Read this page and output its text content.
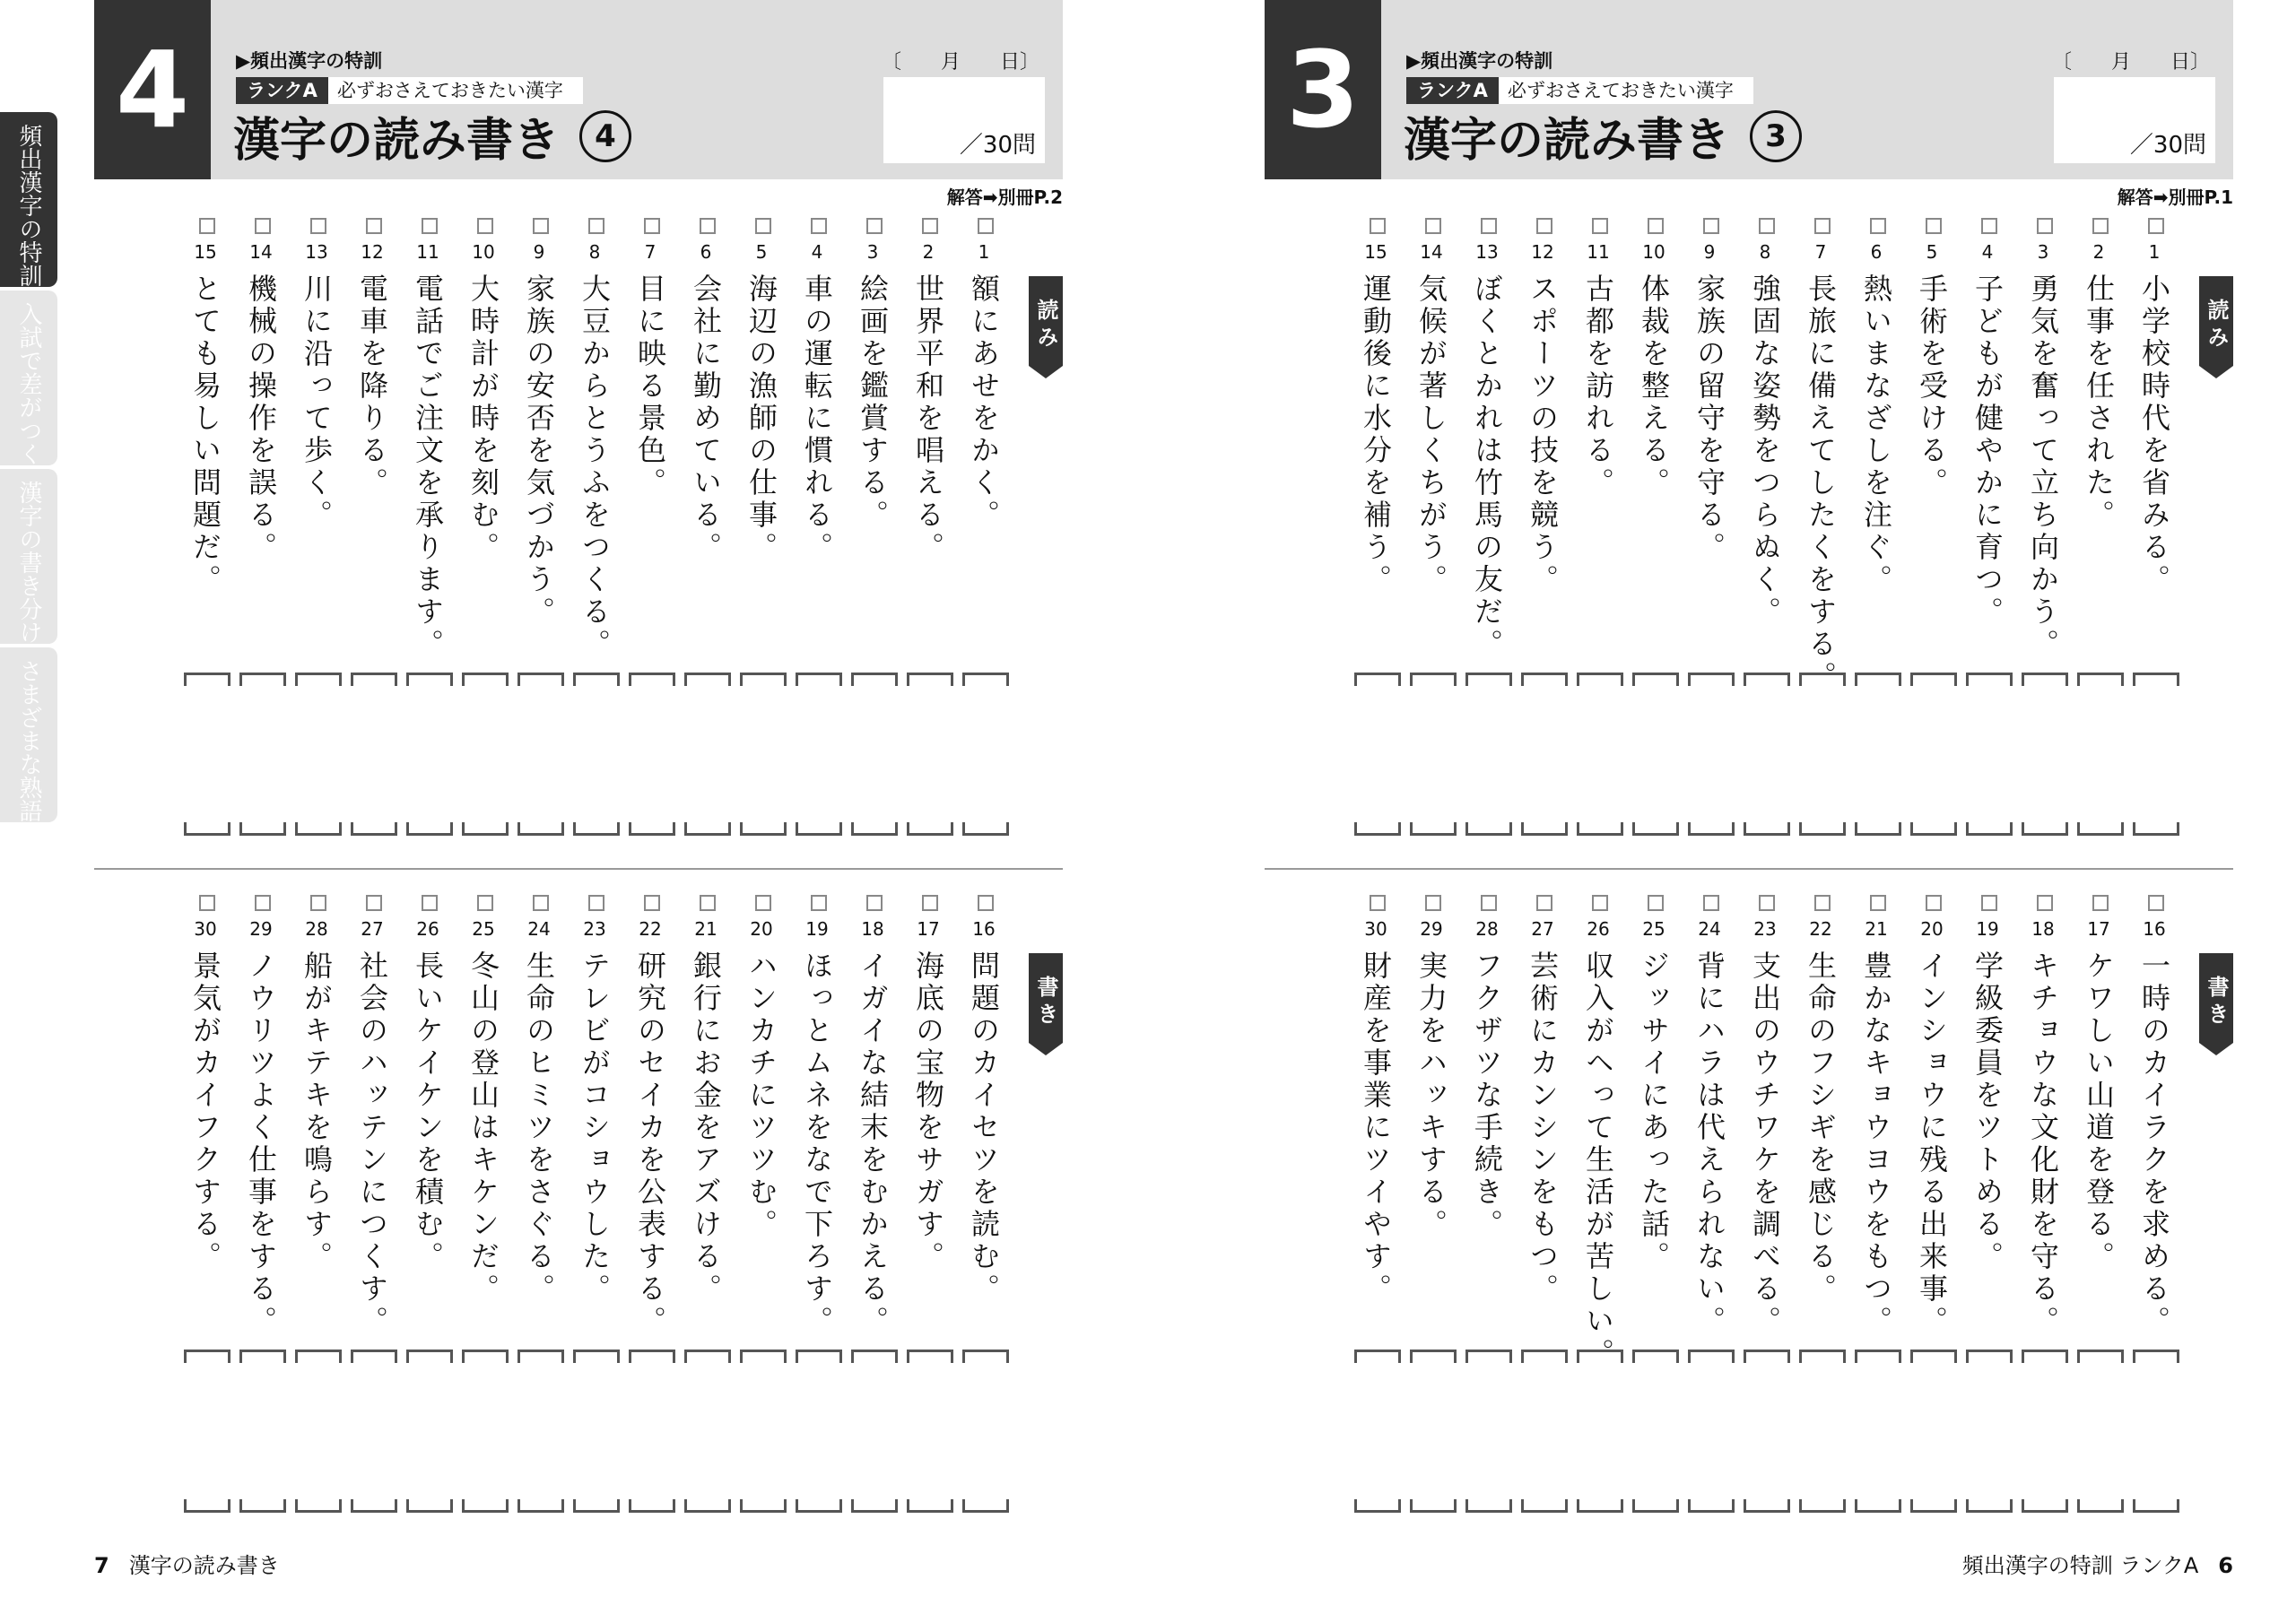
頻出漢字の特訓
入試で差がつく
漢字の書き分け
さまざまな熟語
4	▶頻出漢字の特訓
ランクA	必ずおさえておきたい漢字
漢字の読み書き	4
〔　　月　　日〕
／30問
解答➡別冊P.2
読み
1
額にあせをかく。
2
世界平和を唱える。
3
絵画を鑑賞する。
4
車の運転に慣れる。
5
海辺の漁師の仕事。
6
会社に勤めている。
7
目に映る景色。
8
大豆からとうふをつくる。
9
家族の安否を気づかう。
10
大時計が時を刻む。
11
電話でご注文を承ります。
12
電車を降りる。
13
川に沿って歩く。
14
機械の操作を誤る。
15
とても易しい問題だ。
書き
16
問題のカイセツを読む。
17
海底の宝物をサガす。
18
イガイな結末をむかえる。
19
ほっとムネをなで下ろす。
20
ハンカチにツツむ。
21
銀行にお金をアズける。
22
研究のセイカを公表する。
23
テレビがコショウした。
24
生命のヒミツをさぐる。
25
冬山の登山はキケンだ。
26
長いケイケンを積む。
27
社会のハッテンにつくす。
28
船がキテキを鳴らす。
29
ノウリツよく仕事をする。
30
景気がカイフクする。
3	▶頻出漢字の特訓
ランクA	必ずおさえておきたい漢字
漢字の読み書き	3
〔　　月　　日〕
／30問
解答➡別冊P.1
読み
1
小学校時代を省みる。
2
仕事を任された。
3
勇気を奮って立ち向かう。
4
子どもが健やかに育つ。
5
手術を受ける。
6
熱いまなざしを注ぐ。
7
長旅に備えてしたくをする。
8
強固な姿勢をつらぬく。
9
家族の留守を守る。
10
体裁を整える。
11
古都を訪れる。
12
スポーツの技を競う。
13
ぼくとかれは竹馬の友だ。
14
気候が著しくちがう。
15
運動後に水分を補う。
書き
16
一時のカイラクを求める。
17
ケワしい山道を登る。
18
キチョウな文化財を守る。
19
学級委員をツトめる。
20
インショウに残る出来事。
21
豊かなキョウヨウをもつ。
22
生命のフシギを感じる。
23
支出のウチワケを調べる。
24
背にハラは代えられない。
25
ジッサイにあった話。
26
収入がヘって生活が苦しい。
27
芸術にカンシンをもつ。
28
フクザツな手続き。
29
実力をハッキする。
30
財産を事業にツイやす。
7 漢字の読み書き	頻出漢字の特訓 ランクA 6
